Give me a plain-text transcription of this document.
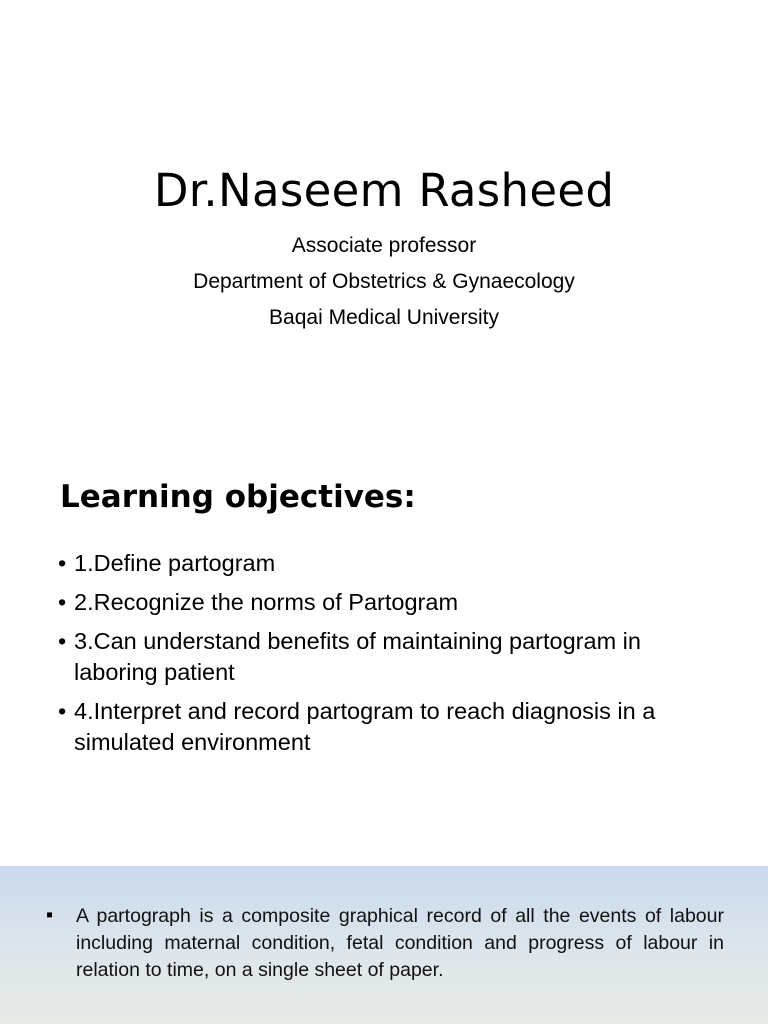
Dr.Naseem Rasheed
Associate professor
Department of Obstetrics & Gynaecology
Baqai Medical University
Learning objectives:
• 1.Define partogram
• 2.Recognize the norms of Partogram
• 3.Can understand benefits of maintaining partogram in laboring patient
• 4.Interpret and record partogram to reach diagnosis in a simulated environment
▪ A partograph is a composite graphical record of all the events of labour including maternal condition, fetal condition and progress of labour in relation to time, on a single sheet of paper.
